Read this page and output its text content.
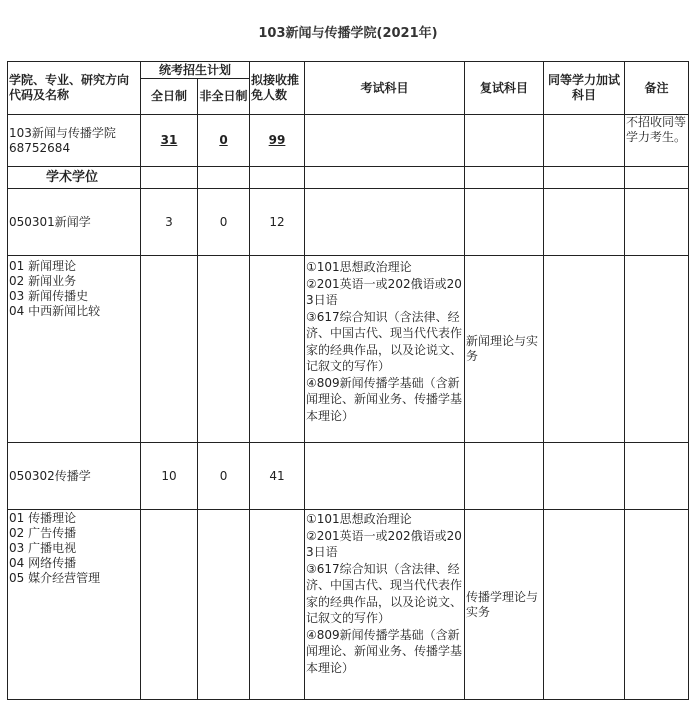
103新闻与传播学院(2021年)
学院、专业、研究方向代码及名称	统考招生计划		拟接收推免人数	考试科目	复试科目	同等学力加试科目	备注
	全日制	非全日制					

103新闻与传播学院
68752684	31	0	99				不招收同等学力考生。
学术学位							
050301新闻学	3	0	12				
01 新闻理论
02 新闻业务
03 新闻传播史
04 中西新闻比较				①101思想政治理论
②201英语一或202俄语或203日语
③617综合知识（含法律、经济、中国古代、现当代代表作家的经典作品，以及论说文、记叙文的写作）
④809新闻传播学基础（含新闻理论、新闻业务、传播学基本理论）	新闻理论与实务		
050302传播学	10	0	41				
01 传播理论
02 广告传播
03 广播电视
04 网络传播
05 媒介经营管理				①101思想政治理论
②201英语一或202俄语或203日语
③617综合知识（含法律、经济、中国古代、现当代代表作家的经典作品，以及论说文、记叙文的写作）
④809新闻传播学基础（含新闻理论、新闻业务、传播学基本理论）	传播学理论与实务		
